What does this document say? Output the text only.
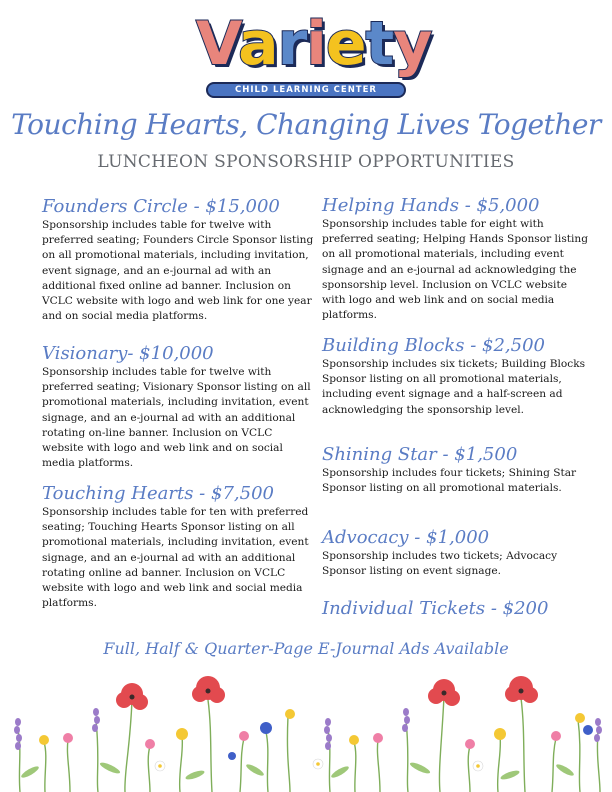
Variety
CHILD LEARNING CENTER
Touching Hearts, Changing Lives Together
LUNCHEON SPONSORSHIP OPPORTUNITIES
Founders Circle - $15,000
Sponsorship includes table for twelve with preferred seating; Founders Circle Sponsor listing on all promotional materials, including invitation, event signage, and an e-journal ad with an additional fixed online ad banner. Inclusion on VCLC website with logo and web link for one year and on social media platforms.
Visionary- $10,000
Sponsorship includes table for twelve with preferred seating; Visionary Sponsor listing on all promotional materials, including invitation, event signage, and an e-journal ad with an additional rotating on-line banner. Inclusion on VCLC website with logo and web link and on social media platforms.
Touching Hearts - $7,500
Sponsorship includes table for ten with preferred seating; Touching Hearts Sponsor listing on all promotional materials, including invitation, event signage, and an e-journal ad with an additional rotating online ad banner. Inclusion on VCLC website with logo and web link and social media platforms.
Helping Hands - $5,000
Sponsorship includes table for eight with preferred seating; Helping Hands Sponsor listing on all promotional materials, including event signage and an e-journal ad acknowledging the sponsorship level. Inclusion on VCLC website with logo and web link and on social media platforms.
Building Blocks - $2,500
Sponsorship includes six tickets; Building Blocks Sponsor listing on all promotional materials, including event signage and a half-screen ad acknowledging the sponsorship level.
Shining Star - $1,500
Sponsorship includes four tickets; Shining Star Sponsor listing on all promotional materials.
Advocacy - $1,000
Sponsorship includes two tickets; Advocacy Sponsor listing on event signage.
Individual Tickets - $200
Full, Half & Quarter-Page E-Journal Ads Available
